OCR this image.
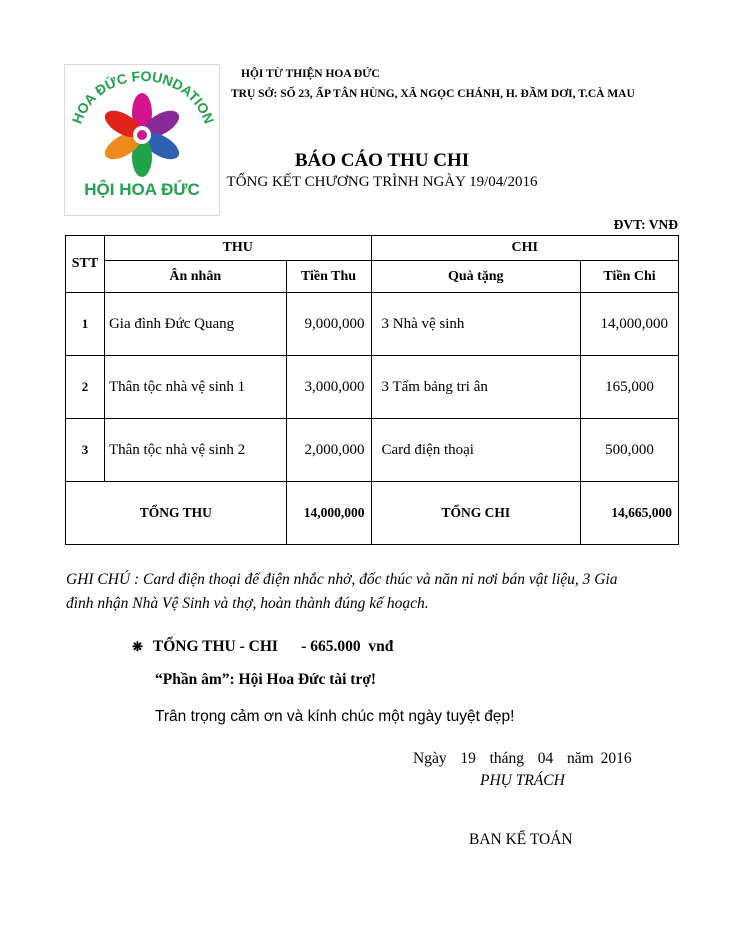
HOA ĐỨC FOUNDATION
HỘI HOA ĐỨC
HỘI TỪ THIỆN HOA ĐỨC
TRỤ SỞ: SỐ 23, ẤP TÂN HÙNG, XÃ NGỌC CHÁNH, H. ĐẦM DƠI, T.CÀ MAU
BÁO CÁO THU CHI
TỔNG KẾT CHƯƠNG TRÌNH NGÀY 19/04/2016
ĐVT: VNĐ
STT	THU		CHI	
	Ân nhân	Tiền Thu	Quà tặng	Tiền Chi
1	Gia đình Đức Quang	9,000,000	3 Nhà vệ sinh	14,000,000
2	Thân tộc nhà vệ sinh 1	3,000,000	3 Tấm bảng tri ân	165,000
3	Thân tộc nhà vệ sinh 2	2,000,000	Card điện thoại	500,000
TỔNG THU		14,000,000	TỔNG CHI	14,665,000

GHI CHÚ : Card điện thoại để điện nhắc nhở, đốc thúc và năn nỉ nơi bán vật liệu, 3 Gia

đình nhận Nhà Vệ Sinh và thợ, hoàn thành đúng kế hoạch.

❋ TỔNG THU - CHI      - 665.000  vnđ
“Phần âm”: Hội Hoa Đức tài trợ!
Trân trọng cảm ơn và kính chúc một ngày tuyệt đẹp!
Ngày  19  tháng  04  năm 2016
PHỤ TRÁCH
BAN KẾ TOÁN
